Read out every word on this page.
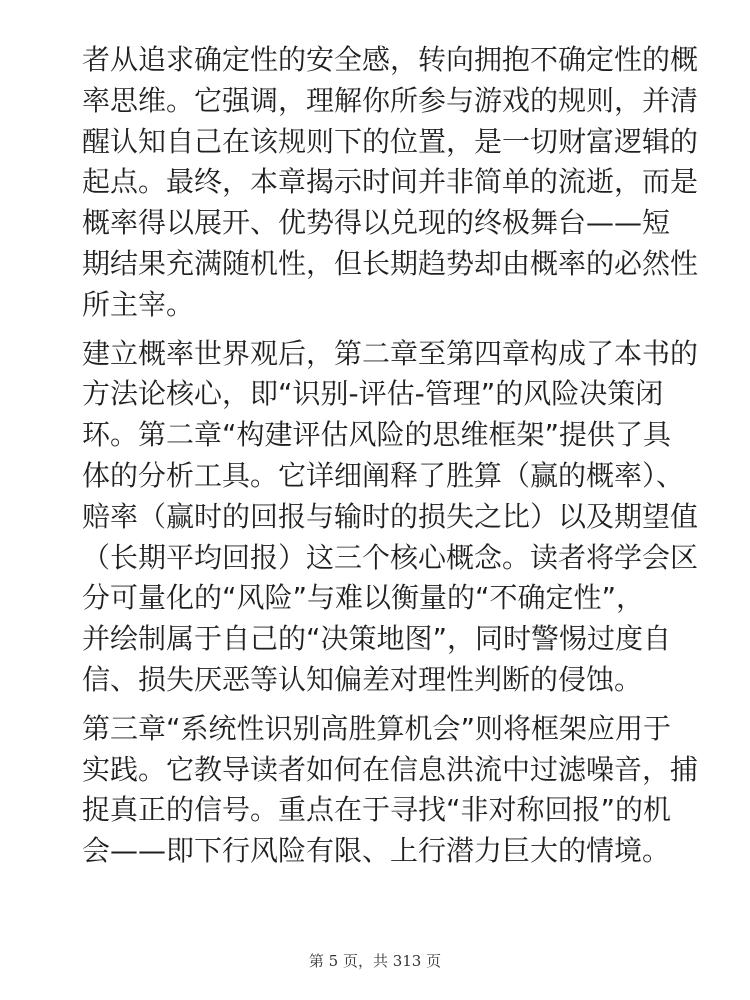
者从追求确定性的安全感，转向拥抱不确定性的概
率思维。它强调，理解你所参与游戏的规则，并清
醒认知自己在该规则下的位置，是一切财富逻辑的
起点。最终，本章揭示时间并非简单的流逝，而是
概率得以展开、优势得以兑现的终极舞台——短
期结果充满随机性，但长期趋势却由概率的必然性
所主宰。

建立概率世界观后，第二章至第四章构成了本书的
方法论核心，即“识别-评估-管理”的风险决策闭
环。第二章“构建评估风险的思维框架”提供了具
体的分析工具。它详细阐释了胜算（赢的概率）、
赔率（赢时的回报与输时的损失之比）以及期望值
（长期平均回报）这三个核心概念。读者将学会区
分可量化的“风险”与难以衡量的“不确定性”，
并绘制属于自己的“决策地图”，同时警惕过度自
信、损失厌恶等认知偏差对理性判断的侵蚀。

第三章“系统性识别高胜算机会”则将框架应用于
实践。它教导读者如何在信息洪流中过滤噪音，捕
捉真正的信号。重点在于寻找“非对称回报”的机
会——即下行风险有限、上行潜力巨大的情境。

第 5 页，共 313 页
